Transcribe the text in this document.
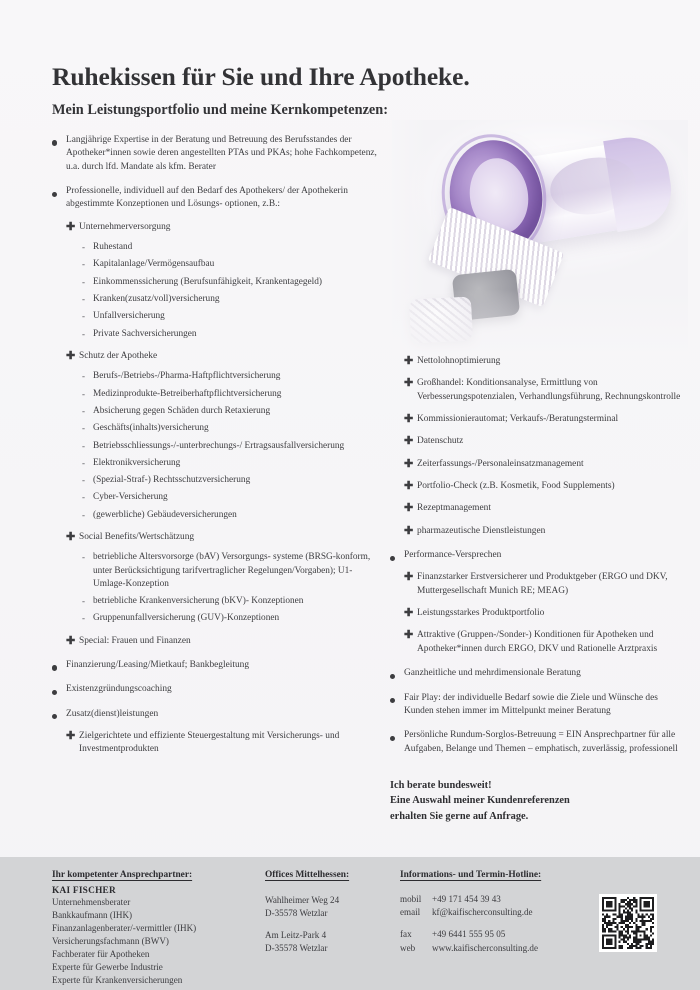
Ruhekissen für Sie und Ihre Apotheke.
Mein Leistungsportfolio und meine Kernkompetenzen:
Langjährige Expertise in der Beratung und Betreuung des Berufsstandes der Apotheker*innen sowie deren angestellten PTAs und PKAs; hohe Fachkompetenz, u.a. durch lfd. Mandate als kfm. Berater
Professionelle, individuell auf den Bedarf des Apothekers/ der Apothekerin abgestimmte Konzeptionen und Lösungs- optionen, z.B.:
✚ Unternehmerversorgung
- Ruhestand
- Kapitalanlage/Vermögensaufbau
- Einkommenssicherung (Berufsunfähigkeit, Krankentagegeld)
- Kranken(zusatz/voll)versicherung
- Unfallversicherung
- Private Sachversicherungen
✚ Schutz der Apotheke
- Berufs-/Betriebs-/Pharma-Haftpflichtversicherung
- Medizinprodukte-Betreiberhaftpflichtversicherung
- Absicherung gegen Schäden durch Retaxierung
- Geschäfts(inhalts)versicherung
- Betriebsschliessungs-/-unterbrechungs-/ Ertragsausfallversicherung
- Elektronikversicherung
- (Spezial-Straf-) Rechtsschutzversicherung
- Cyber-Versicherung
- (gewerbliche) Gebäudeversicherungen
✚ Social Benefits/Wertschätzung
- betriebliche Altersvorsorge (bAV) Versorgungs- systeme (BRSG-konform, unter Berücksichtigung tarifvertraglicher Regelungen/Vorgaben); U1-Umlage-Konzeption
- betriebliche Krankenversicherung (bKV)- Konzeptionen
- Gruppenunfallversicherung (GUV)-Konzeptionen
✚ Special: Frauen und Finanzen
Finanzierung/Leasing/Mietkauf; Bankbegleitung
Existenzgründungscoaching
Zusatz(dienst)leistungen
✚ Zielgerichtete und effiziente Steuergestaltung mit Versicherungs- und Investmentprodukten
✚ Nettolohnoptimierung
✚ Großhandel: Konditionsanalyse, Ermittlung von Verbesserungspotenzialen, Verhandlungsführung, Rechnungskontrolle
✚ Kommissionierautomat; Verkaufs-/Beratungsterminal
✚ Datenschutz
✚ Zeiterfassungs-/Personaleinsatzmanagement
✚ Portfolio-Check (z.B. Kosmetik, Food Supplements)
✚ Rezeptmanagement
✚ pharmazeutische Dienstleistungen
Performance-Versprechen
✚ Finanzstarker Erstversicherer und Produktgeber (ERGO und DKV, Muttergesellschaft Munich RE; MEAG)
✚ Leistungsstarkes Produktportfolio
✚ Attraktive (Gruppen-/Sonder-) Konditionen für Apotheken und Apotheker*innen durch ERGO, DKV und Rationelle Arztpraxis
Ganzheitliche und mehrdimensionale Beratung
Fair Play: der individuelle Bedarf sowie die Ziele und Wünsche des Kunden stehen immer im Mittelpunkt meiner Beratung
Persönliche Rundum-Sorglos-Betreuung = EIN Ansprechpartner für alle Aufgaben, Belange und Themen – emphatisch, zuverlässig, professionell
Ich berate bundesweit!
Eine Auswahl meiner Kundenreferenzen
erhalten Sie gerne auf Anfrage.
Ihr kompetenter Ansprechpartner:
KAI FISCHER
Unternehmensberater
Bankkaufmann (IHK)
Finanzanlagenberater/-vermittler (IHK)
Versicherungsfachmann (BWV)
Fachberater für Apotheken
Experte für Gewerbe Industrie
Experte für Krankenversicherungen
Offices Mittelhessen:
Wahlheimer Weg 24
D-35578 Wetzlar
Am Leitz-Park 4
D-35578 Wetzlar
Informations- und Termin-Hotline:
mobil	+49 171 454 39 43
email	kf@kaifischerconsulting.de
fax	+49 6441 555 95 05
web	www.kaifischerconsulting.de
